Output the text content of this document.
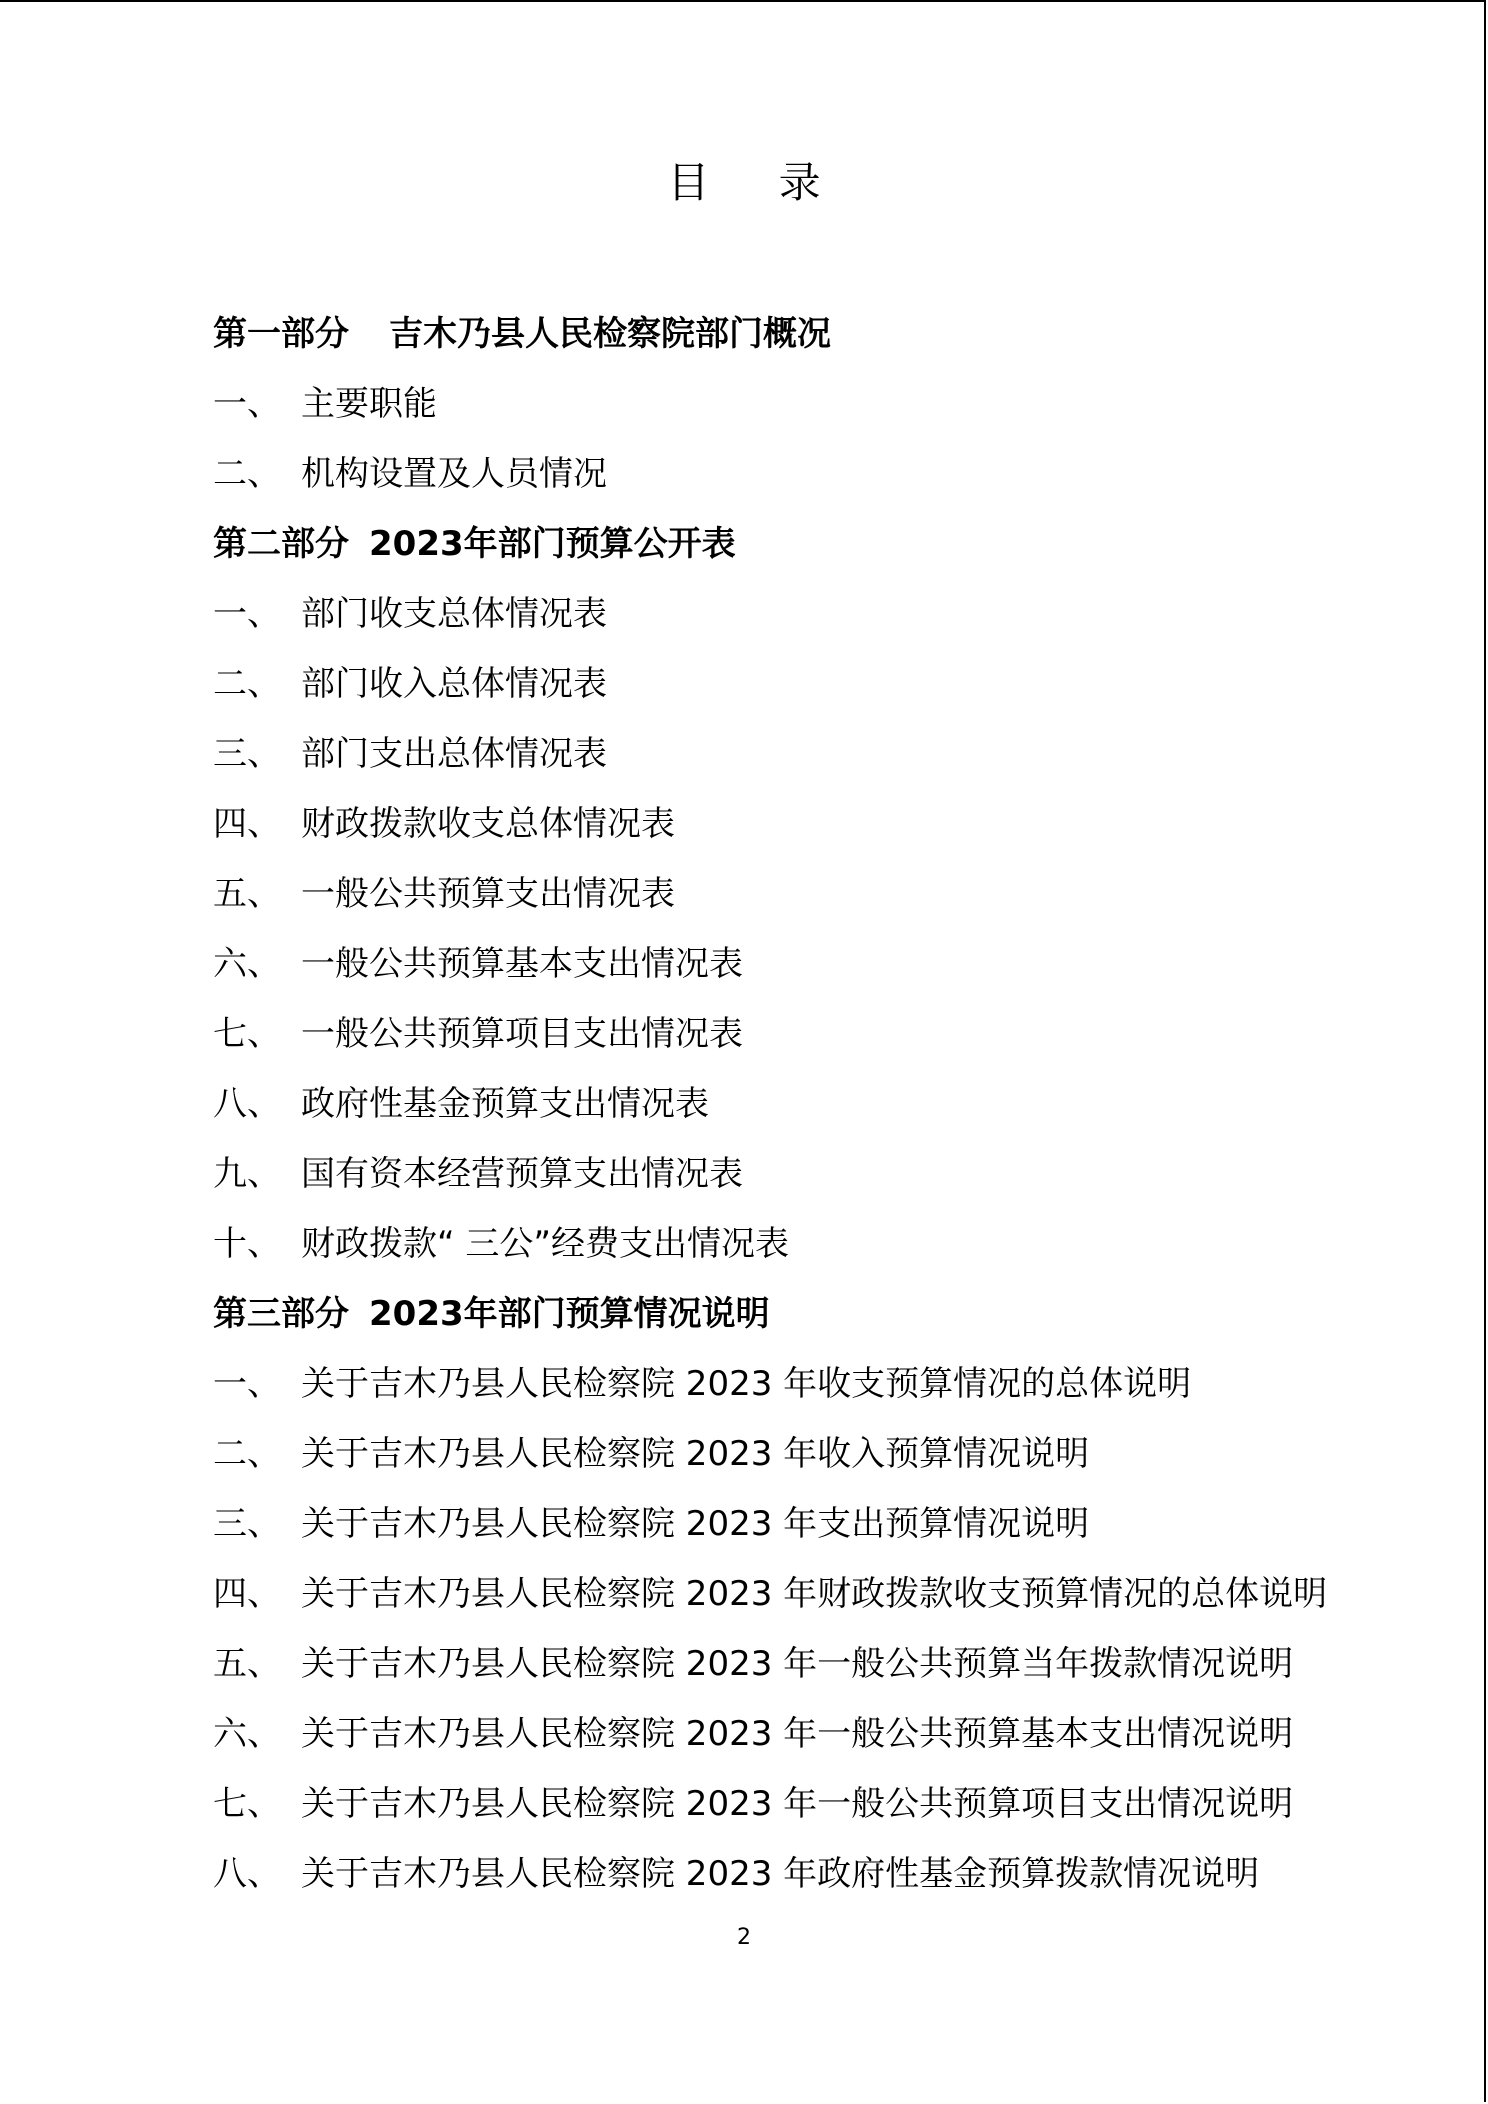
目 录
第一部分 吉木乃县人民检察院部门概况
一、 主要职能
二、 机构设置及人员情况
第二部分 2023年部门预算公开表
一、 部门收支总体情况表
二、 部门收入总体情况表
三、 部门支出总体情况表
四、 财政拨款收支总体情况表
五、 一般公共预算支出情况表
六、 一般公共预算基本支出情况表
七、 一般公共预算项目支出情况表
八、 政府性基金预算支出情况表
九、 国有资本经营预算支出情况表
十、 财政拨款“ 三公”经费支出情况表
第三部分 2023年部门预算情况说明
一、 关于吉木乃县人民检察院 2023 年收支预算情况的总体说明
二、 关于吉木乃县人民检察院 2023 年收入预算情况说明
三、 关于吉木乃县人民检察院 2023 年支出预算情况说明
四、 关于吉木乃县人民检察院 2023 年财政拨款收支预算情况的总体说明
五、 关于吉木乃县人民检察院 2023 年一般公共预算当年拨款情况说明
六、 关于吉木乃县人民检察院 2023 年一般公共预算基本支出情况说明
七、 关于吉木乃县人民检察院 2023 年一般公共预算项目支出情况说明
八、 关于吉木乃县人民检察院 2023 年政府性基金预算拨款情况说明
2
